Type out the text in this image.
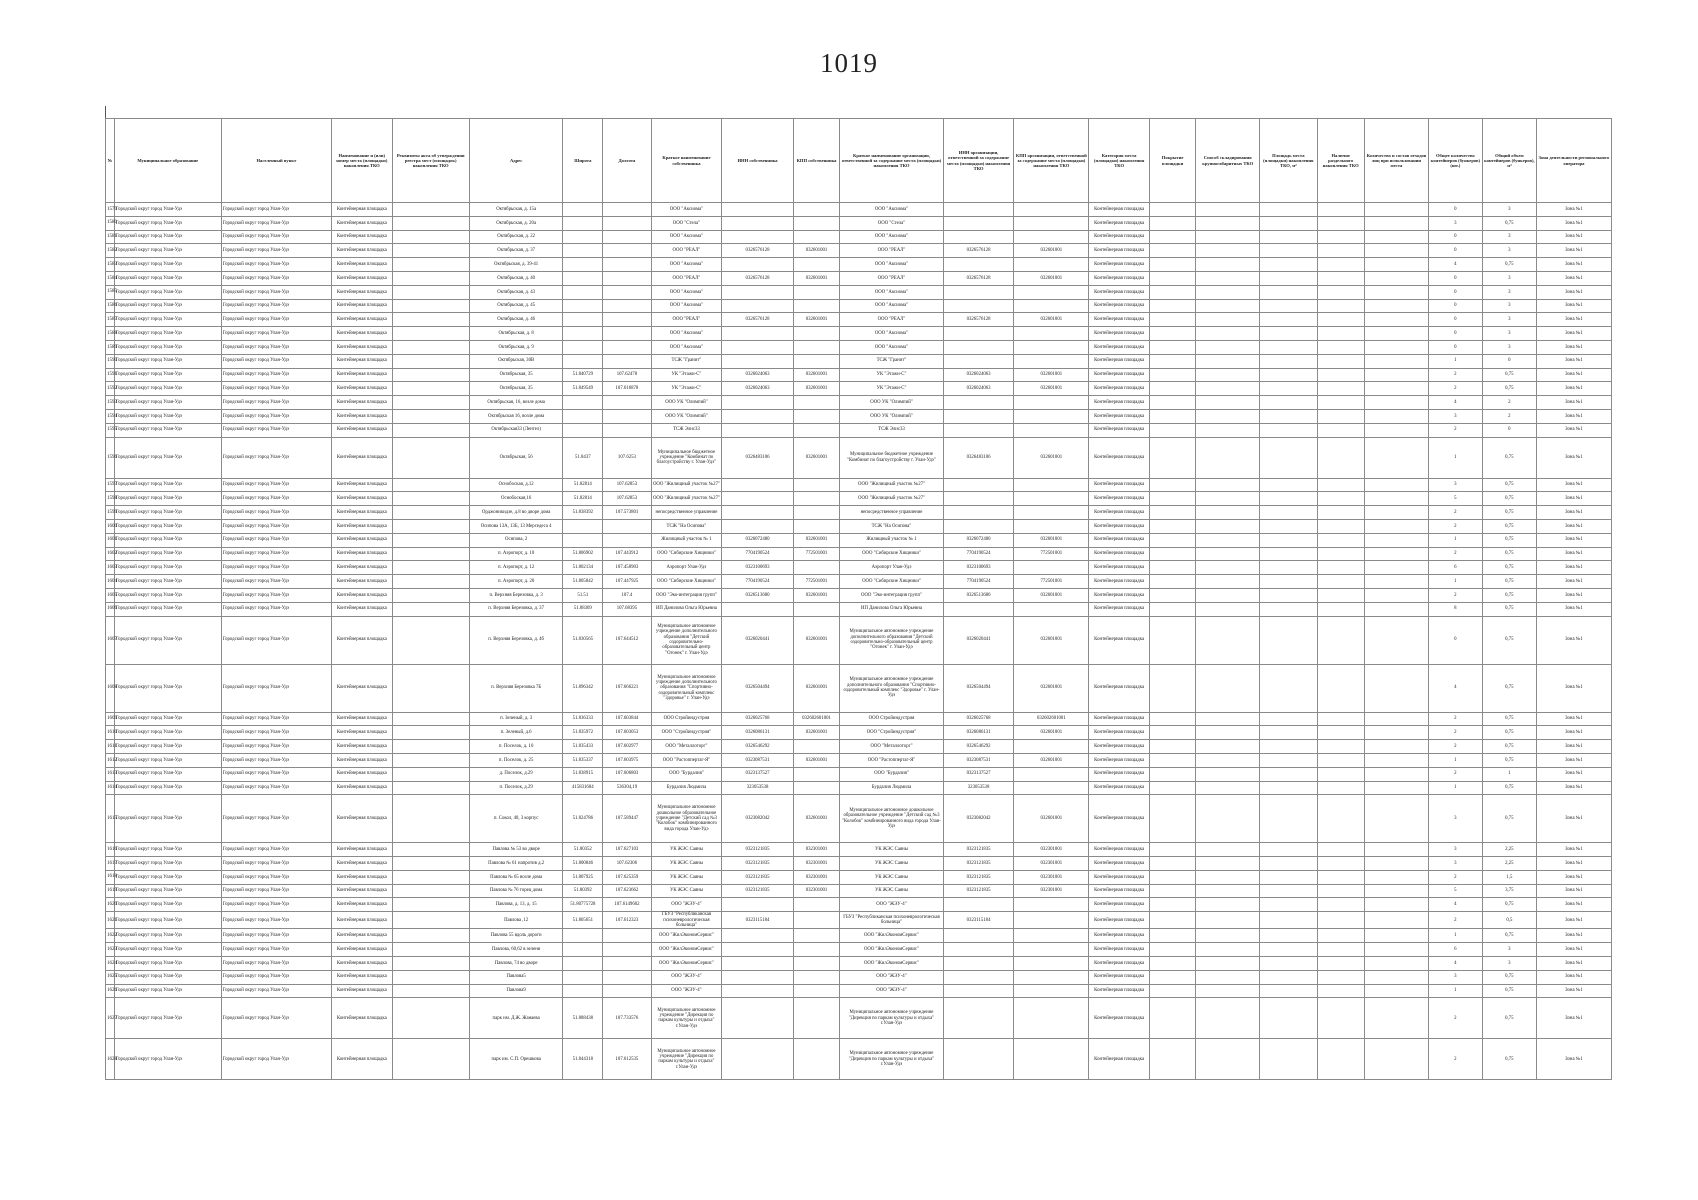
1019
№	Муниципальное образование	Населенный пункт	Наименование и (или) номер места (площадки) накопления ТКО	Реквизиты акта об утверждении реестра мест (площадок) накопления ТКО	Адрес	Широта	Долгота	Краткое наименование собственника	ИНН собственника	КПП собственника	Краткое наименование организации, ответственной за содержание места (площадки) накопления ТКО	ИНН организации, ответственной за содержание места (площадки) накопления ТКО	КПП организации, ответственной за содержание места (площадки) накопления ТКО	Категория места (площадки) накопления ТКО	Покрытие площадки	Способ складирования крупногабаритных ТКО	Площадь места (площадки) накопления ТКО, м²	Наличие раздельного накопления ТКО	Количество и состав отходов лиц при использовании места	Общее количество контейнеров (бункеров) (шт.)	Общий объем контейнеров (бункеров), м³	Зона деятельности регионального оператора
1579	Городской округ город Улан-Удэ	Городской округ город Улан-Удэ	Контейнерная площадка		Октябрьская, д. 15а			ООО "Аксиома"			ООО "Аксиома"			Контейнерная площадка						0	3	Зона №1
1580	Городской округ город Улан-Удэ	Городской округ город Улан-Удэ	Контейнерная площадка		Октябрьская, д. 20а			ООО "Стела"			ООО "Стела"			Контейнерная площадка						3	0,75	Зона №1
1581	Городской округ город Улан-Удэ	Городской округ город Улан-Удэ	Контейнерная площадка		Октябрьская, д. 22			ООО "Аксиома"			ООО "Аксиома"			Контейнерная площадка						0	3	Зона №1
1582	Городской округ город Улан-Удэ	Городской округ город Улан-Удэ	Контейнерная площадка		Октябрьская, д. 37			ООО "РЕАЛ"	0326576128	032601001	ООО "РЕАЛ"	0326576128	032601001	Контейнерная площадка						0	3	Зона №1
1583	Городской округ город Улан-Удэ	Городской округ город Улан-Удэ	Контейнерная площадка		Октябрьская, д. 39-41			ООО "Аксиома"			ООО "Аксиома"			Контейнерная площадка						4	0,75	Зона №1
1584	Городской округ город Улан-Удэ	Городской округ город Улан-Удэ	Контейнерная площадка		Октябрьская, д. 40			ООО "РЕАЛ"	0326576128	032601001	ООО "РЕАЛ"	0326576128	032601001	Контейнерная площадка						0	3	Зона №1
1585	Городской округ город Улан-Удэ	Городской округ город Улан-Удэ	Контейнерная площадка		Октябрьская, д. 43			ООО "Аксиома"			ООО "Аксиома"			Контейнерная площадка						0	3	Зона №1
1586	Городской округ город Улан-Удэ	Городской округ город Улан-Удэ	Контейнерная площадка		Октябрьская, д. 45			ООО "Аксиома"			ООО "Аксиома"			Контейнерная площадка						0	3	Зона №1
1587	Городской округ город Улан-Удэ	Городской округ город Улан-Удэ	Контейнерная площадка		Октябрьская, д. 46			ООО "РЕАЛ"	0326576128	032601001	ООО "РЕАЛ"	0326576128	032601001	Контейнерная площадка						0	3	Зона №1
1588	Городской округ город Улан-Удэ	Городской округ город Улан-Удэ	Контейнерная площадка		Октябрьская, д. 8			ООО "Аксиома"			ООО "Аксиома"			Контейнерная площадка						0	3	Зона №1
1589	Городской округ город Улан-Удэ	Городской округ город Улан-Удэ	Контейнерная площадка		Октябрьская, д. 9			ООО "Аксиома"			ООО "Аксиома"			Контейнерная площадка						0	3	Зона №1
1590	Городской округ город Улан-Удэ	Городской округ город Улан-Удэ	Контейнерная площадка		Октябрьская, 30В			ТСЖ "Гранит"			ТСЖ "Гранит"			Контейнерная площадка						1	0	Зона №1
1591	Городской округ город Улан-Удэ	Городской округ город Улан-Удэ	Контейнерная площадка		Октябрьская, 35	51.840729	107.62478	УК "Этажи-С"	0326024063	032601001	УК "Этажи-С"	0326024063	032601001	Контейнерная площадка						2	0,75	Зона №1
1592	Городской округ город Улан-Удэ	Городской округ город Улан-Удэ	Контейнерная площадка		Октябрьская, 35	51.849549	107.616878	УК "Этажи-С"	0326024063	032601001	УК "Этажи-С"	0326024063	032601001	Контейнерная площадка						2	0,75	Зона №1
1593	Городской округ город Улан-Удэ	Городской округ город Улан-Удэ	Контейнерная площадка		Октябрьская, 16, возле дома			ООО УК "Олимпий"			ООО УК "Олимпий"			Контейнерная площадка						4	2	Зона №1
1594	Городской округ город Улан-Удэ	Городской округ город Улан-Удэ	Контейнерная площадка		Октябрьская 16, возле дома			ООО УК "Олимпий"			ООО УК "Олимпий"			Контейнерная площадка						3	2	Зона №1
1595	Городской округ город Улан-Удэ	Городской округ город Улан-Удэ	Контейнерная площадка		Октябрьская33 (Лентел)			ТСЖ Элис33			ТСЖ Элис33			Контейнерная площадка						2	0	Зона №1
1596	Городской округ город Улан-Удэ	Городской округ город Улан-Удэ	Контейнерная площадка		Октябрьская, 56	51.8437	107.6253	Муниципальное бюджетное учреждение "Комбинат по благоустройству г. Улан-Удэ"	0326483106	032601001	Муниципальное бюджетное учреждение "Комбинат по благоустройству г. Улан-Удэ"	0326483106	032601001	Контейнерная площадка						1	0,75	Зона №1
1597	Городской округ город Улан-Удэ	Городской округ город Улан-Удэ	Контейнерная площадка		Оснобоская, д.12	51.82814	107.62853	ООО "Жилищный участок №27"			ООО "Жилищный участок №27"			Контейнерная площадка						3	0,75	Зона №1
1598	Городской округ город Улан-Удэ	Городской округ город Улан-Удэ	Контейнерная площадка		Оснобоская,16	51.82814	107.62853	ООО "Жилищный участок №27"			ООО "Жилищный участок №27"			Контейнерная площадка						5	0,75	Зона №1
1599	Городской округ город Улан-Удэ	Городской округ город Улан-Удэ	Контейнерная площадка		Орджоникидзе, д.8 во дворе дома	51.838392	107.573801	непосредственное управление			непосредственное управление			Контейнерная площадка						2	0,75	Зона №1
1600	Городской округ город Улан-Удэ	Городской округ город Улан-Удэ	Контейнерная площадка		Осипова 13А, 13Б, 13 Мерседеса 4			ТСЖ "На Осипова"			ТСЖ "На Осипова"			Контейнерная площадка						2	0,75	Зона №1
1601	Городской округ город Улан-Удэ	Городской округ город Улан-Удэ	Контейнерная площадка		Осипова, 2			Жилищный участок № 1	0326072480	032601001	Жилищный участок № 1	0326072480	032601001	Контейнерная площадка						1	0,75	Зона №1
1602	Городской округ город Улан-Удэ	Городской округ город Улан-Удэ	Контейнерная площадка		п. Аэропорт, д. 10	51.806902	107.443912	ООО "Сибирские Хищники"	7704190524	772501001	ООО "Сибирские Хищники"	7704190524	772501001	Контейнерная площадка						2	0,75	Зона №1
1603	Городской округ город Улан-Удэ	Городской округ город Улан-Удэ	Контейнерная площадка		п. Аэропорт, д. 12	51.802134	107.458903	Аэропорт Улан-Удэ	0323100693		Аэропорт Улан-Удэ	0323100693		Контейнерная площадка						6	0,75	Зона №1
1604	Городской округ город Улан-Удэ	Городской округ город Улан-Удэ	Контейнерная площадка		п. Аэропорт, д. 20	51.805842	107.447925	ООО "Сибирские Хищники"	7704190524	772501001	ООО "Сибирские Хищники"	7704190524	772501001	Контейнерная площадка						1	0,75	Зона №1
1605	Городской округ город Улан-Удэ	Городской округ город Улан-Удэ	Контейнерная площадка		п. Верхняя Березовка, д. 3	51.51	107.4	ООО "Эко-интеграция групп"	0326513680	032601001	ООО "Эко-интеграция групп"	0326513680	032601001	Контейнерная площадка						2	0,75	Зона №1
1606	Городской округ город Улан-Удэ	Городской округ город Улан-Удэ	Контейнерная площадка		п. Верхняя Березовка, д. 37	51.88369	107.68395	ИП Данилова Ольга Юрьевна			ИП Данилова Ольга Юрьевна			Контейнерная площадка						8	0,75	Зона №1
1607	Городской округ город Улан-Удэ	Городской округ город Улан-Удэ	Контейнерная площадка		п. Верхняя Березовка, д. 4б	51.830565	107.644512	Муниципальное автономное учреждение дополнительного образования "Детский оздоровительно-образовательный центр "Огонек" г. Улан-Удэ	0326020441	032601001	Муниципальное автономное учреждение дополнительного образования "Детский оздоровительно-образовательный центр "Огонек" г. Улан-Удэ	0326020441	032601001	Контейнерная площадка						0	0,75	Зона №1
1608	Городской округ город Улан-Удэ	Городской округ город Улан-Удэ	Контейнерная площадка		п. Верхняя Березовка 7Б	51.896342	107.666221	Муниципальное автономное учреждение дополнительного образования "Спортивно-оздоровительный комплекс "Здоровье" г. Улан-Удэ	0326504494	032601001	Муниципальное автономное учреждение дополнительного образования "Спортивно-оздоровительный комплекс "Здоровье" г. Улан-Удэ	0326504494	032601001	Контейнерная площадка						4	0,75	Зона №1
1609	Городской округ город Улан-Удэ	Городской округ город Улан-Удэ	Контейнерная площадка		п. Зеленый, д. 3	51.836333	107.603844	ООО Стройиндустрия	0326025768	032602601001	ООО Стройиндустрия	0326025768	032602601001	Контейнерная площадка						2	0,75	Зона №1
1610	Городской округ город Улан-Удэ	Городской округ город Улан-Удэ	Контейнерная площадка		п. Зеленый, д.6	51.835972	107.603053	ООО "Стройиндустрия"	0326086131	032601001	ООО "Стройиндустрия"	0326086131	032601001	Контейнерная площадка						2	0,75	Зона №1
1611	Городской округ город Улан-Удэ	Городской округ город Улан-Удэ	Контейнерная площадка		п. Поселок, д. 10	51.835433	107.602977	ООО "Металлоторг"	0326546292		ООО "Металлоторг"	0326546292		Контейнерная площадка						2	0,75	Зона №1
1612	Городской округ город Улан-Удэ	Городской округ город Улан-Удэ	Контейнерная площадка		п. Поселок, д. 25	51.835337	107.603975	ООО "Растоппертаг-Я"	0323087531	032601001	ООО "Растоппертаг-Я"	0323087531	032601001	Контейнерная площадка						1	0,75	Зона №1
1613	Городской округ город Улан-Удэ	Городской округ город Улан-Удэ	Контейнерная площадка		д. Поселок, д.29	51.838915	107.606803	ООО "Бурдалия"	0323137527		ООО "Бурдалия"	0323137527		Контейнерная площадка						2	1	Зона №1
1614	Городской округ город Улан-Удэ	Городской округ город Улан-Удэ	Контейнерная площадка		п. Поселок, д.29	415831684	536304,19	Бурдалия Людмила	323053538		Бурдалия Людмила	323053538		Контейнерная площадка						1	0,75	Зона №1
1615	Городской округ город Улан-Удэ	Городской округ город Улан-Удэ	Контейнерная площадка		п. Сокол, 48, 3 корпус	51.824786	107.589447	Муниципальное автономное дошкольное образовательное учреждение "Детский сад №3 "Колобок" комбинированного вида города Улан-Удэ	0323082042	032601001	Муниципальное автономное дошкольное образовательное учреждение "Детский сад №3 "Колобок" комбинированного вида города Улан-Удэ	0323082042	032601001	Контейнерная площадка						3	0,75	Зона №1
1616	Городской округ город Улан-Удэ	Городской округ город Улан-Удэ	Контейнерная площадка		Павлова № 53 во дворе	51.80352	107.627103	УК ЖЭС Саяны	0323121835	032301001	УК ЖЭС Саяны	0323121835	032301001	Контейнерная площадка						3	2,25	Зона №1
1617	Городской округ город Улан-Удэ	Городской округ город Улан-Удэ	Контейнерная площадка		Павлова № 61 напротив д.2	51.800846	107.62306	УК ЖЭС Саяны	0323121835	032301001	УК ЖЭС Саяны	0323121835	032301001	Контейнерная площадка						3	2,25	Зона №1
1618	Городской округ город Улан-Удэ	Городской округ город Улан-Удэ	Контейнерная площадка		Павлова № 65 возле дома	51.807925	107.625359	УК ЖЭС Саяны	0323121835	032301001	УК ЖЭС Саяны	0323121835	032301001	Контейнерная площадка						2	1,5	Зона №1
1619	Городской округ город Улан-Удэ	Городской округ город Улан-Удэ	Контейнерная площадка		Павлова № 76 торец дома	51.80392	107.623662	УК ЖЭС Саяны	0323121835	032301001	УК ЖЭС Саяны	0323121835	032301001	Контейнерная площадка						5	3,75	Зона №1
1620	Городской округ город Улан-Удэ	Городской округ город Улан-Удэ	Контейнерная площадка		Павлова, д. 13, д. 15	51.80775728	107.6149602	ООО "ЖЭУ-4"			ООО "ЖЭУ-4"			Контейнерная площадка						4	0,75	Зона №1
1621	Городской округ город Улан-Удэ	Городской округ город Улан-Удэ	Контейнерная площадка		Павлова ,12	51.805651	107.612323	ГБУЗ "Республиканская психоневрологическая больница"	0323115184		ГБУЗ "Республиканская психоневрологическая больница"	0323115184		Контейнерная площадка						2	0,5	Зона №1
1622	Городской округ город Улан-Удэ	Городской округ город Улан-Удэ	Контейнерная площадка		Павлова 55 вдоль дороги			ООО "ЖилЭкономСервис"			ООО "ЖилЭкономСервис"			Контейнерная площадка						1	0,75	Зона №1
1623	Городской округ город Улан-Удэ	Городской округ город Улан-Удэ	Контейнерная площадка		Павлова, 60,62 в зелени			ООО "ЖилЭкономСервис"			ООО "ЖилЭкономСервис"			Контейнерная площадка						6	3	Зона №1
1624	Городской округ город Улан-Удэ	Городской округ город Улан-Удэ	Контейнерная площадка		Павлова, 74 во дворе			ООО "ЖилЭкономСервис"			ООО "ЖилЭкономСервис"			Контейнерная площадка						4	3	Зона №1
1625	Городской округ город Улан-Удэ	Городской округ город Улан-Удэ	Контейнерная площадка		Павлова5			ООО "ЖЭУ-4"			ООО "ЖЭУ-4"			Контейнерная площадка						3	0,75	Зона №1
1626	Городской округ город Улан-Удэ	Городской округ город Улан-Удэ	Контейнерная площадка		Павлова9			ООО "ЖЭУ-4"			ООО "ЖЭУ-4"			Контейнерная площадка						1	0,75	Зона №1
1627	Городской округ город Улан-Удэ	Городской округ город Улан-Удэ	Контейнерная площадка		парк им. Д.Ж. Жанаева	51.888438	107.733576	Муниципальное автономное учреждение "Дирекция по паркам культуры и отдыха" г.Улан-Удэ			Муниципальное автономное учреждение "Дирекция по паркам культуры и отдыха" г.Улан-Удэ			Контейнерная площадка						2	0,75	Зона №1
1628	Городской округ город Улан-Удэ	Городской округ город Улан-Удэ	Контейнерная площадка		парк им. С.П. Орешкова	51.844318	107.612535	Муниципальное автономное учреждение "Дирекция по паркам культуры и отдыха" г.Улан-Удэ			Муниципальное автономное учреждение "Дирекция по паркам культуры и отдыха" г.Улан-Удэ			Контейнерная площадка						2	0,75	Зона №1
